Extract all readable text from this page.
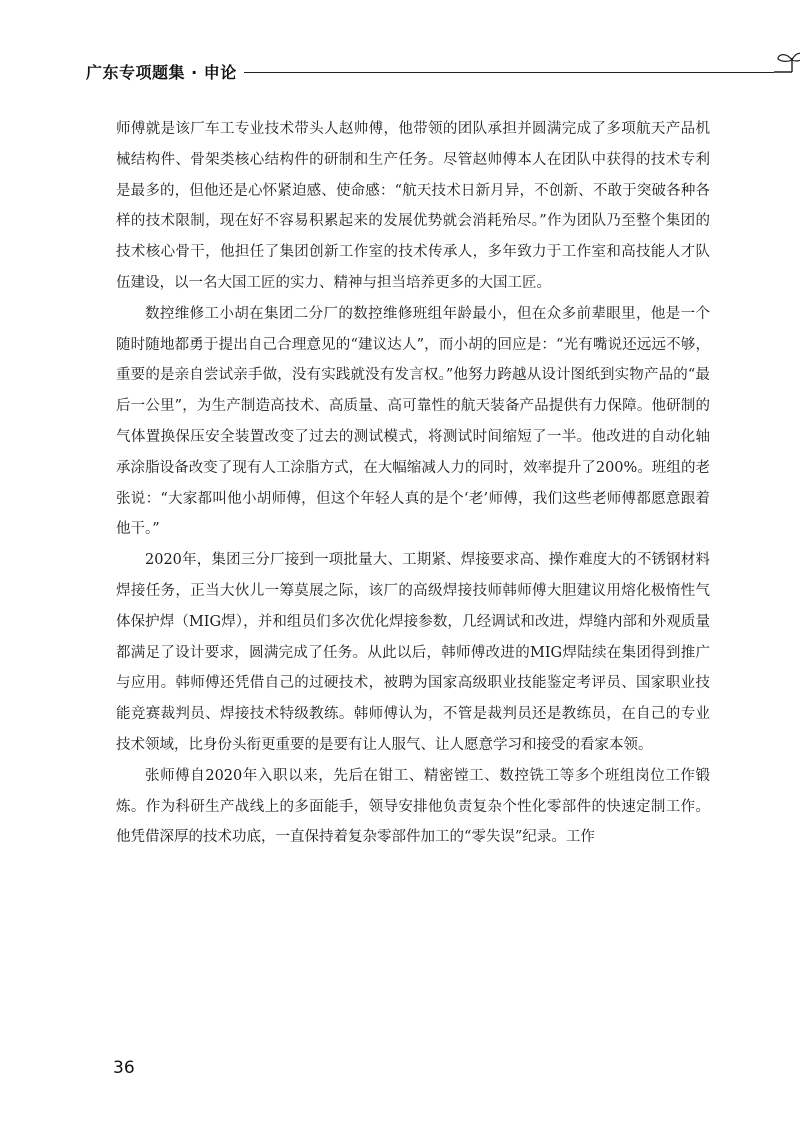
广东专项题集 · 申论

师傅就是该厂车工专业技术带头人赵帅傅，他带领的团队承担并圆满完成了多项航天产品机械结构件、骨架类核心结构件的研制和生产任务。尽管赵帅傅本人在团队中获得的技术专利是最多的，但他还是心怀紧迫感、使命感：“航天技术日新月异，不创新、不敢于突破各种各样的技术限制，现在好不容易积累起来的发展优势就会消耗殆尽。”作为团队乃至整个集团的技术核心骨干，他担任了集团创新工作室的技术传承人，多年致力于工作室和高技能人才队伍建设，以一名大国工匠的实力、精神与担当培养更多的大国工匠。

数控维修工小胡在集团二分厂的数控维修班组年龄最小，但在众多前辈眼里，他是一个随时随地都勇于提出自己合理意见的“建议达人”，而小胡的回应是：“光有嘴说还远远不够，重要的是亲自尝试亲手做，没有实践就没有发言权。”他努力跨越从设计图纸到实物产品的“最后一公里”，为生产制造高技术、高质量、高可靠性的航天装备产品提供有力保障。他研制的气体置换保压安全装置改变了过去的测试模式，将测试时间缩短了一半。他改进的自动化轴承涂脂设备改变了现有人工涂脂方式，在大幅缩减人力的同时，效率提升了200%。班组的老张说：“大家都叫他小胡师傅，但这个年轻人真的是个‘老’师傅，我们这些老师傅都愿意跟着他干。”

2020年，集团三分厂接到一项批量大、工期紧、焊接要求高、操作难度大的不锈钢材料焊接任务，正当大伙儿一筹莫展之际，该厂的高级焊接技师韩师傅大胆建议用熔化极惰性气体保护焊（MIG焊），并和组员们多次优化焊接参数，几经调试和改进，焊缝内部和外观质量都满足了设计要求，圆满完成了任务。从此以后，韩师傅改进的MIG焊陆续在集团得到推广与应用。韩师傅还凭借自己的过硬技术，被聘为国家高级职业技能鉴定考评员、国家职业技能竞赛裁判员、焊接技术特级教练。韩师傅认为，不管是裁判员还是教练员，在自己的专业技术领域，比身份头衔更重要的是要有让人服气、让人愿意学习和接受的看家本领。

张师傅自2020年入职以来，先后在钳工、精密镗工、数控铣工等多个班组岗位工作锻炼。作为科研生产战线上的多面能手，领导安排他负责复杂个性化零部件的快速定制工作。他凭借深厚的技术功底，一直保持着复杂零部件加工的“零失误”纪录。工作

36
